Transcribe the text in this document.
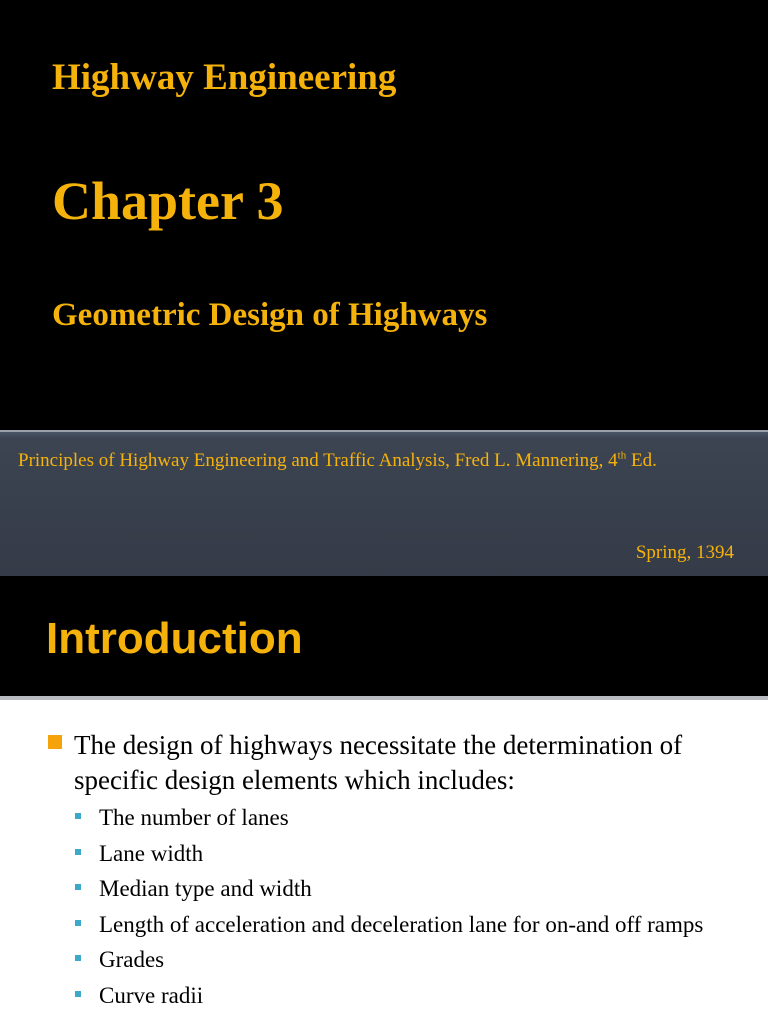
Highway Engineering
Chapter 3
Geometric Design of Highways
Principles of Highway Engineering and Traffic Analysis, Fred L. Mannering, 4th Ed.
Spring, 1394
Introduction
The design of highways necessitate the determination of specific design elements which includes:
The number of lanes
Lane width
Median type and width
Length of acceleration and deceleration lane for on-and off ramps
Grades
Curve radii
